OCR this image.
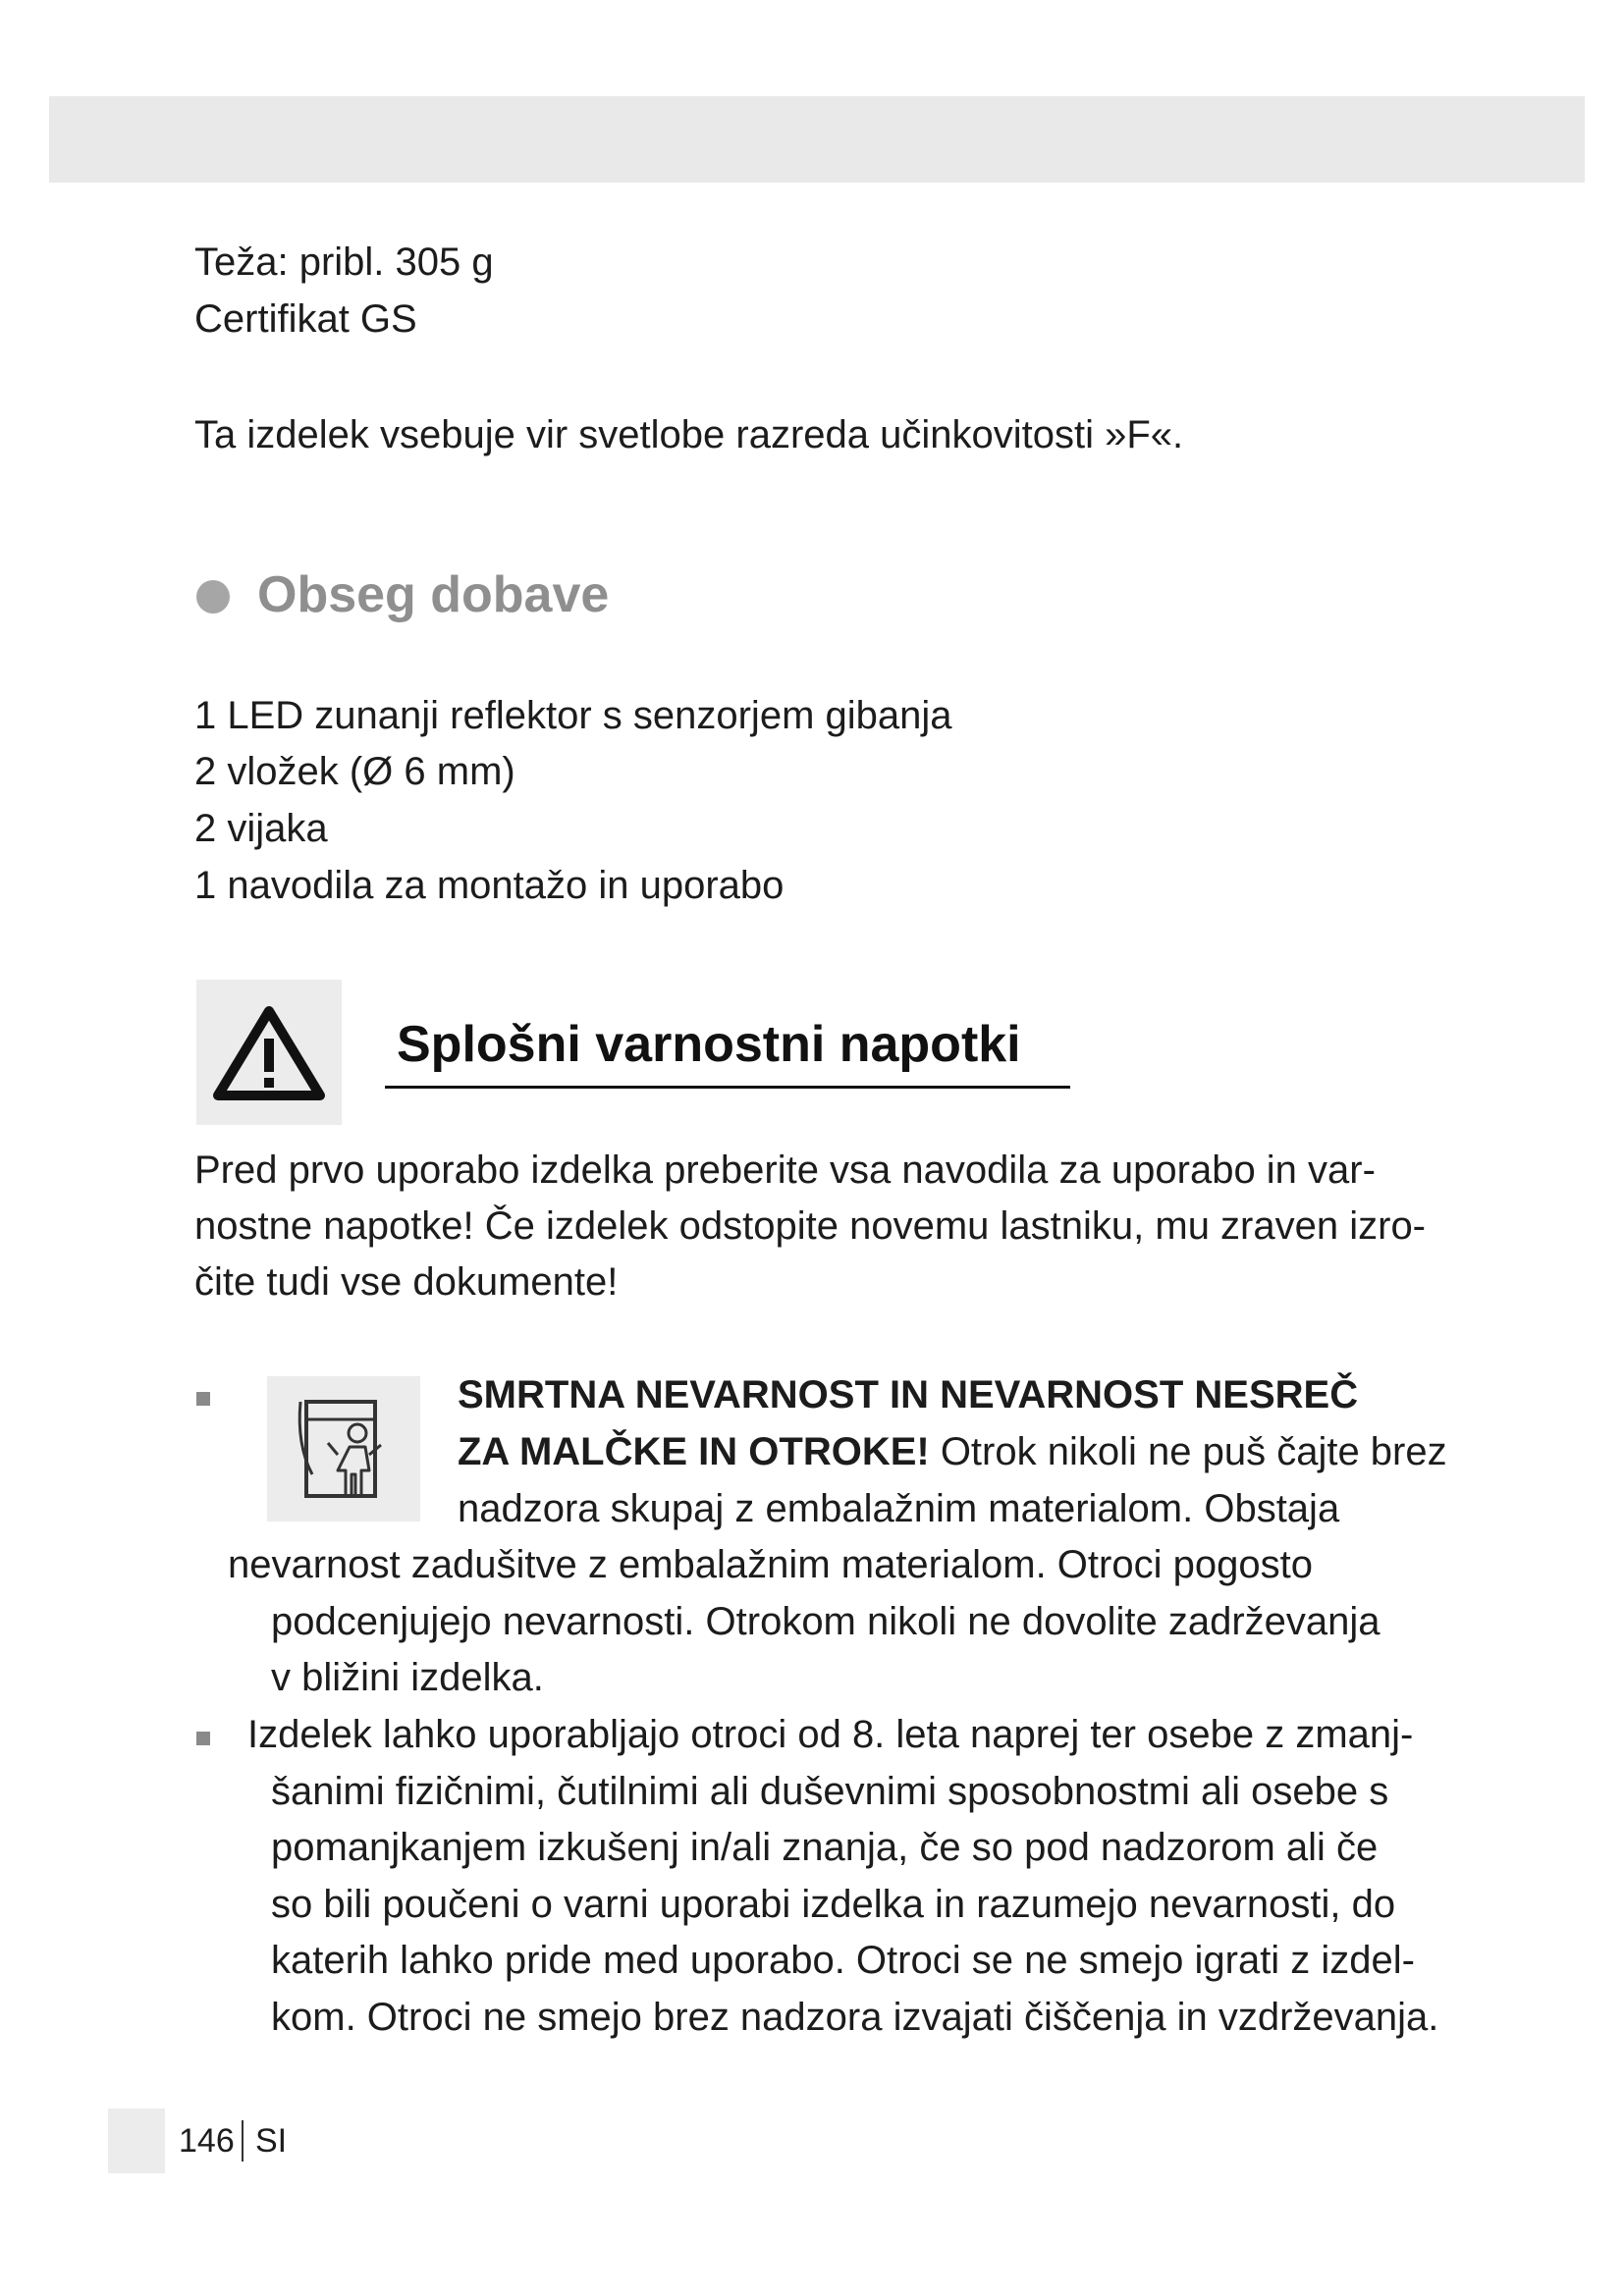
Teža: pribl. 305 g
Certifikat GS
Ta izdelek vsebuje vir svetlobe razreda učinkovitosti »F«.
Obseg dobave
1 LED zunanji reflektor s senzorjem gibanja
2 vložek (Ø 6 mm)
2 vijaka
1 navodila za montažo in uporabo
Splošni varnostni napotki
Pred prvo uporabo izdelka preberite vsa navodila za uporabo in var-
nostne napotke! Če izdelek odstopite novemu lastniku, mu zraven izro-
čite tudi vse dokumente!
SMRTNA NEVARNOST IN NEVARNOST NESREČ
ZA MALČKE IN OTROKE! Otrok nikoli ne puš čajte brez
nadzora skupaj z embalažnim materialom. Obstaja
nevarnost zadušitve z embalažnim materialom. Otroci pogosto
podcenjujejo nevarnosti. Otrokom nikoli ne dovolite zadrževanja
v bližini izdelka.
Izdelek lahko uporabljajo otroci od 8. leta naprej ter osebe z zmanj-
šanimi fizičnimi, čutilnimi ali duševnimi sposobnostmi ali osebe s
pomanjkanjem izkušenj in/ali znanja, če so pod nadzorom ali če
so bili poučeni o varni uporabi izdelka in razumejo nevarnosti, do
katerih lahko pride med uporabo. Otroci se ne smejo igrati z izdel-
kom. Otroci ne smejo brez nadzora izvajati čiščenja in vzdrževanja.
146 SI
